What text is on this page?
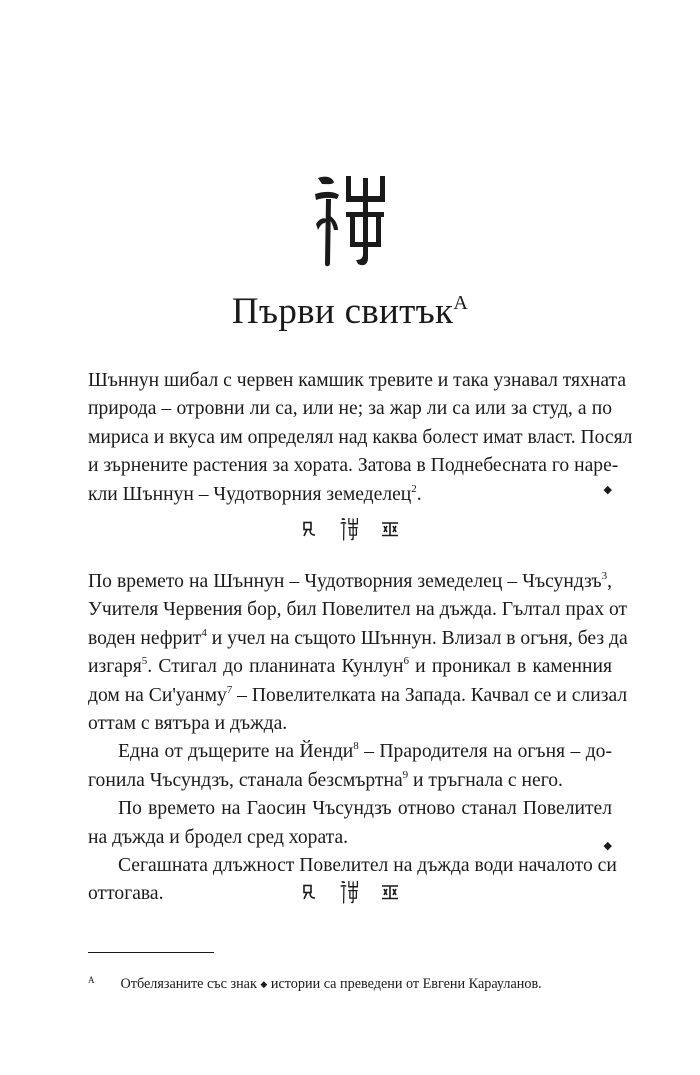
Първи свитък$^A$
Шъннун шибал с червен камшик тревите и така узнавал тяхната
природа – отровни ли са, или не; за жар ли са или за студ, а по
мириса и вкуса им определял над каква болест имат власт. Посял
и зърнените растения за хората. Затова в Поднебесната го наре-
кли Шъннун – Чудотворния земеделец$^2$.	◆

По времето на Шъннун – Чудотворния земеделец – Чъсундзъ$^3$,
Учителя Червения бор, бил Повелител на дъжда. Гълтал прах от
воден нефрит$^4$ и учел на същото Шъннун. Влизал в огъня, без да
изгаря$^5$. Стигал до планината Кунлун$^6$ и проникал в каменния
дом на Си'уанму$^7$ – Повелителката на Запада. Качвал се и слизал
оттам с вятъра и дъжда.
Една от дъщерите на Йенди$^8$ – Прародителя на огъня – до-
гонила Чъсундзъ, станала безсмъртна$^9$ и тръгнала с него.
По времето на Гаосин Чъсундзъ отново станал Повелител
на дъжда и бродел сред хората.
Сегашната длъжност Повелител на дъжда води началото си
оттогава.
◆

$^A$ Отбелязаните със знак ◆ истории са преведени от Евгени Карауланов.
